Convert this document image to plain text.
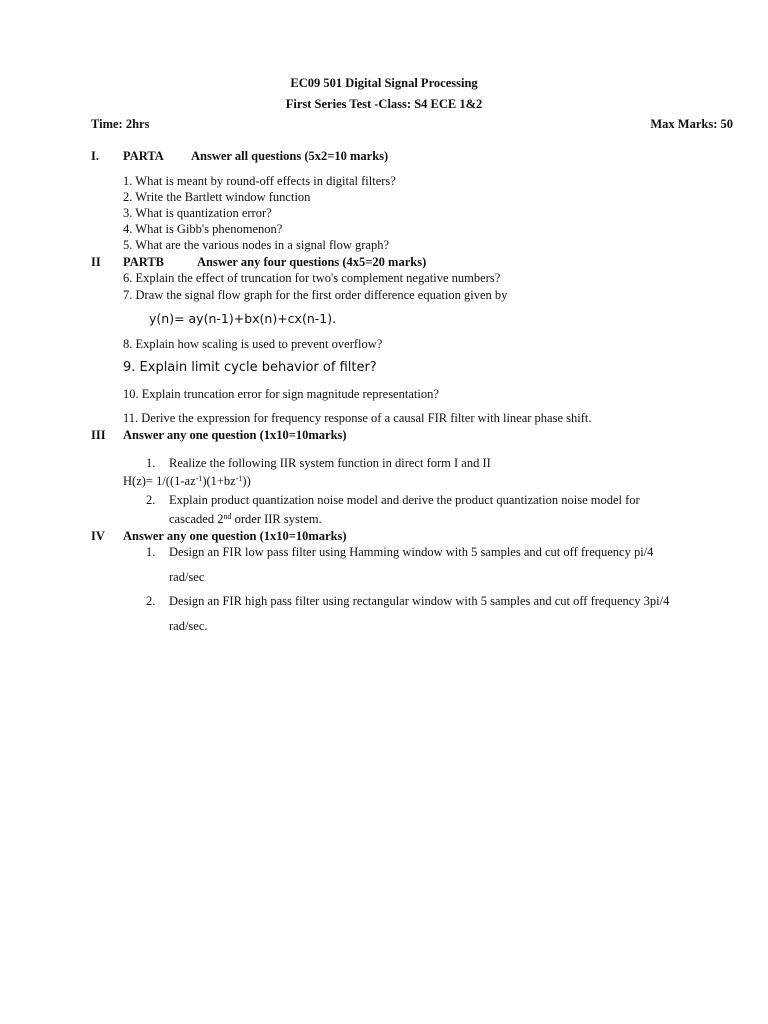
EC09 501 Digital Signal Processing
First Series Test -Class: S4 ECE 1&2
Time: 2hrs	Max Marks: 50
I. PARTA Answer all questions (5x2=10 marks)
1. What is meant by round-off effects in digital filters?
2. Write the Bartlett window function
3. What is quantization error?
4. What is Gibb's phenomenon?
5. What are the various nodes in a signal flow graph?
II PARTB	Answer any four questions (4x5=20 marks)
6. Explain the effect of truncation for two's complement negative numbers?
7. Draw the signal flow graph for the first order difference equation given by
y(n)= ay(n-1)+bx(n)+cx(n-1).
8. Explain how scaling is used to prevent overflow?
9. Explain limit cycle behavior of filter?
10. Explain truncation error for sign magnitude representation?
11. Derive the expression for frequency response of a causal FIR filter with linear phase shift.
III Answer any one question (1x10=10marks)
1. Realize the following IIR system function in direct form I and II
$H(z)= 1/((1-az^{-1})(1+bz^{-1}))$
2. Explain product quantization noise model and derive the product quantization noise model for
cascaded 2nd order IIR system.
IV Answer any one question (1x10=10marks)
1. Design an FIR low pass filter using Hamming window with 5 samples and cut off frequency pi/4
rad/sec
2. Design an FIR high pass filter using rectangular window with 5 samples and cut off frequency 3pi/4
rad/sec.
